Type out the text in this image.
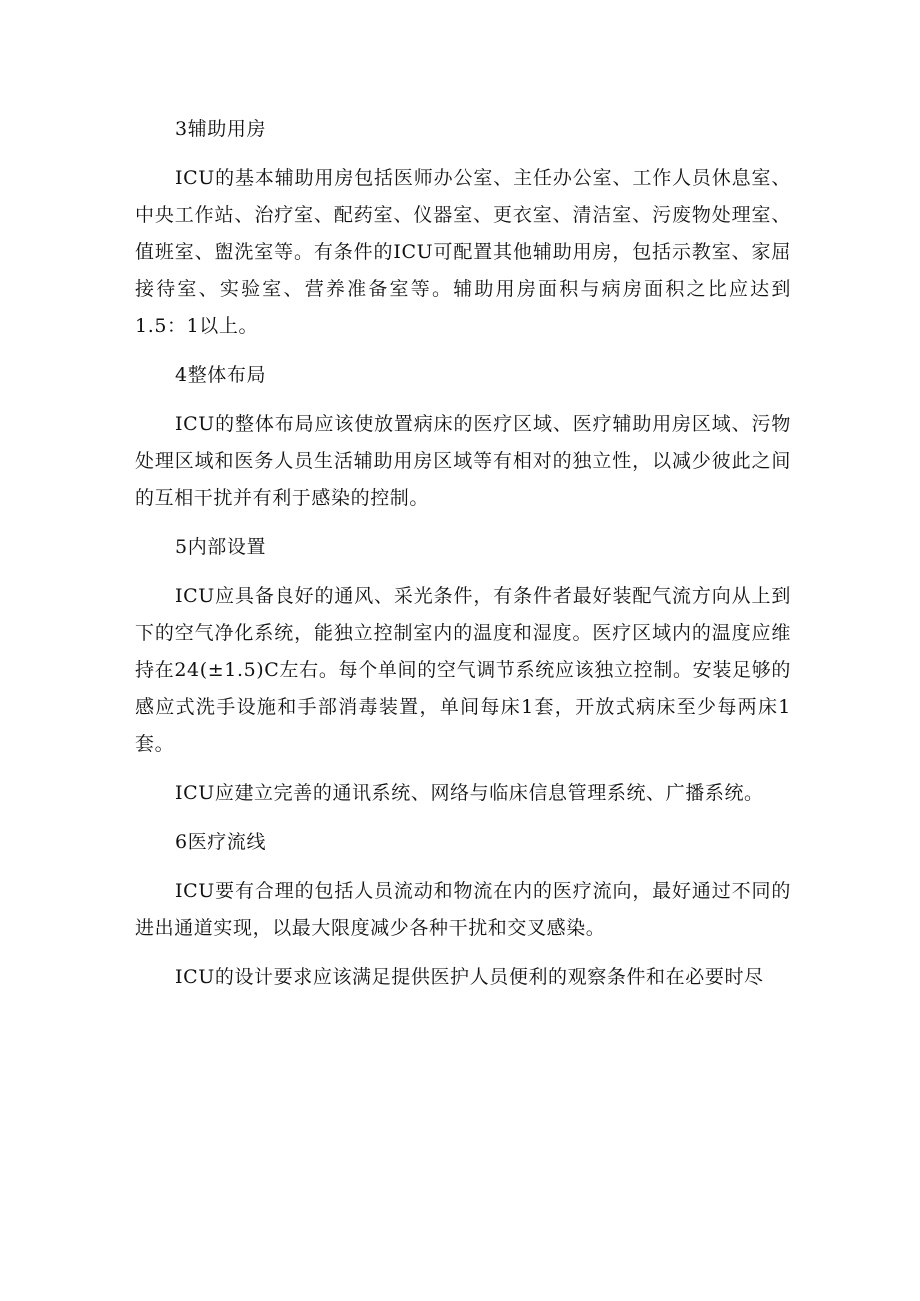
3辅助用房

ICU的基本辅助用房包括医师办公室、主任办公室、工作人员休息室、中央工作站、治疗室、配药室、仪器室、更衣室、清洁室、污废物处理室、值班室、盥洗室等。有条件的ICU可配置其他辅助用房，包括示教室、家屈接待室、实验室、营养准备室等。辅助用房面积与病房面积之比应达到1.5：1以上。

4整体布局

ICU的整体布局应该使放置病床的医疗区域、医疗辅助用房区域、污物处理区域和医务人员生活辅助用房区域等有相对的独立性，以减少彼此之间的互相干扰并有利于感染的控制。

5内部设置

ICU应具备良好的通风、采光条件，有条件者最好装配气流方向从上到下的空气净化系统，能独立控制室内的温度和湿度。医疗区域内的温度应维持在24(±1.5)C左右。每个单间的空气调节系统应该独立控制。安装足够的感应式洗手设施和手部消毒装置，单间每床1套，开放式病床至少每两床1套。

ICU应建立完善的通讯系统、网络与临床信息管理系统、广播系统。

6医疗流线

ICU要有合理的包括人员流动和物流在内的医疗流向，最好通过不同的进出通道实现，以最大限度减少各种干扰和交叉感染。

ICU的设计要求应该满足提供医护人员便利的观察条件和在必要时尽
